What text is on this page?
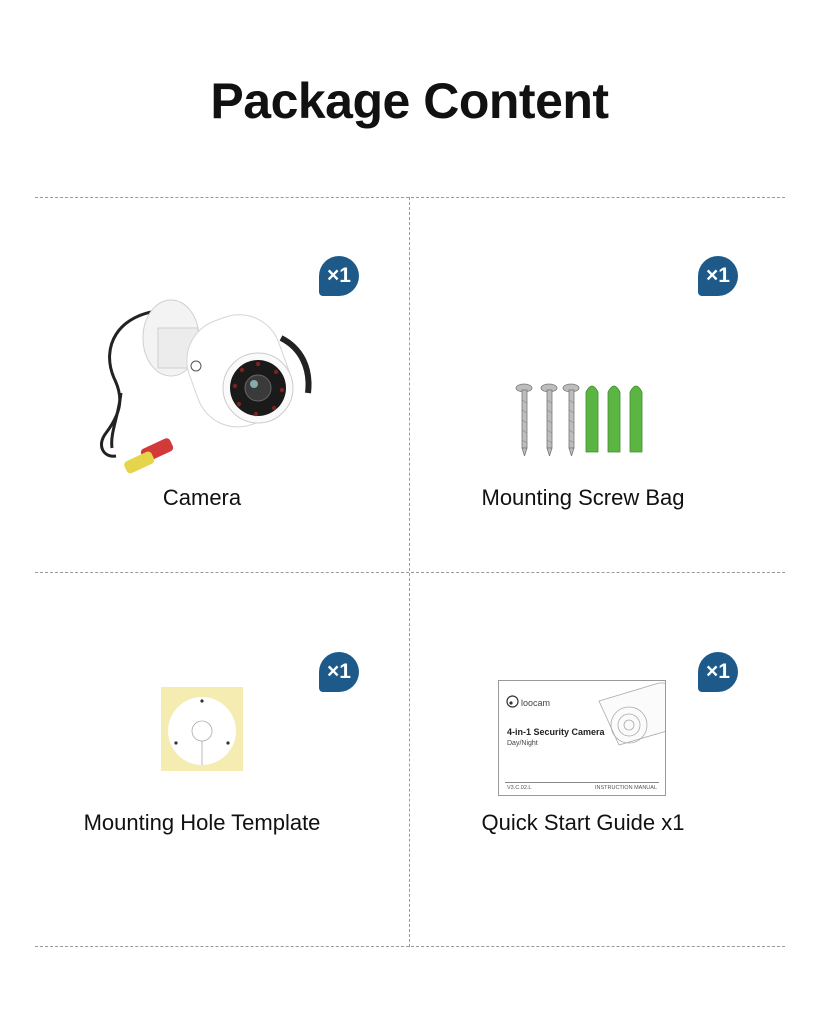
Package Content
×1
Camera
×1
Mounting Screw Bag
×1
Mounting Hole Template
×1
loocam
4-in-1 Security Camera
Day/Night
V3.C.02.L	INSTRUCTION MANUAL
Quick Start Guide x1
